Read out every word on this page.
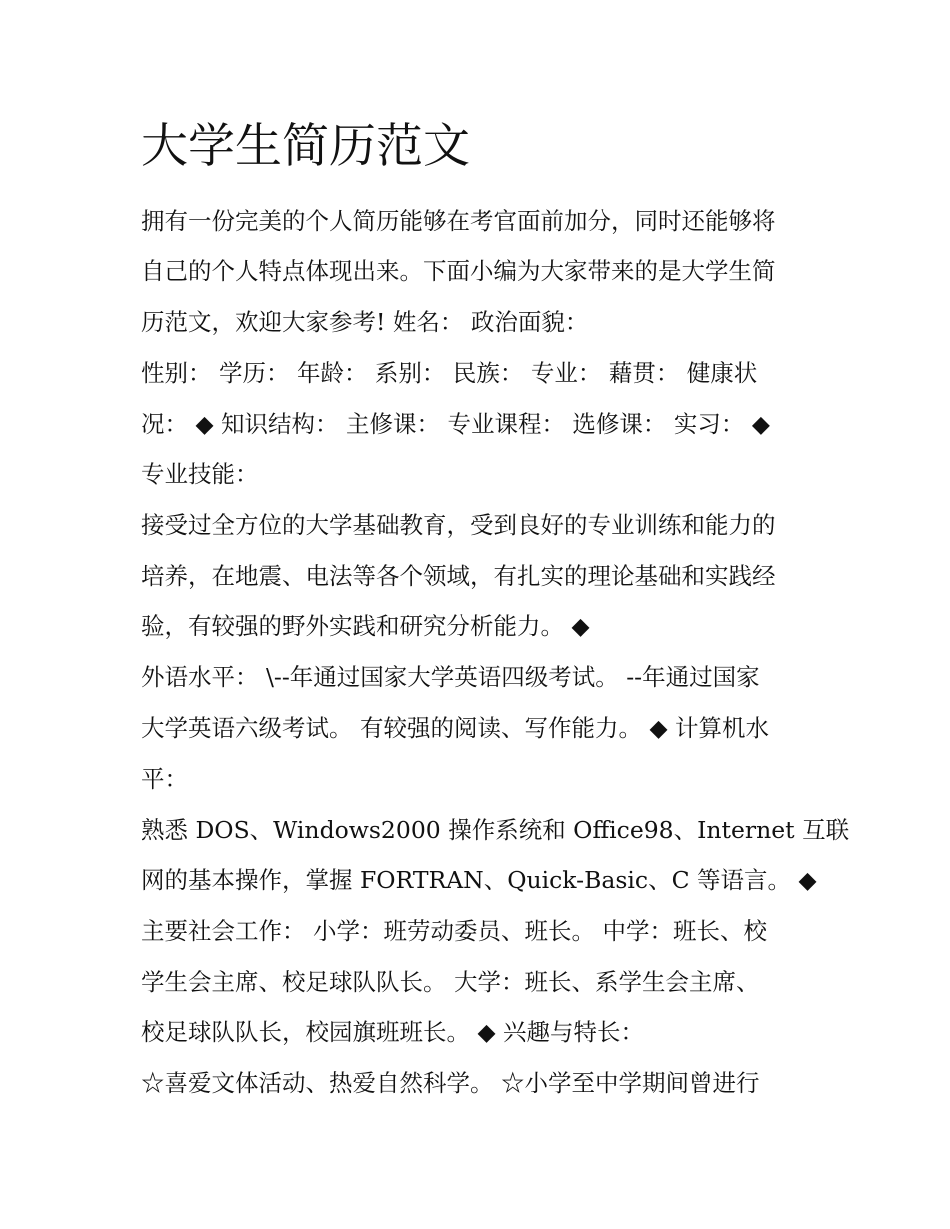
大学生简历范文

拥有一份完美的个人简历能够在考官面前加分，同时还能够将

自己的个人特点体现出来。下面小编为大家带来的是大学生简

历范文，欢迎大家参考! 姓名： 政治面貌：

性别： 学历： 年龄： 系别： 民族： 专业： 藉贯： 健康状

况： ◆ 知识结构： 主修课： 专业课程： 选修课： 实习： ◆

专业技能：

接受过全方位的大学基础教育，受到良好的专业训练和能力的

培养，在地震、电法等各个领域，有扎实的理论基础和实践经

验，有较强的野外实践和研究分析能力。 ◆

外语水平： \--年通过国家大学英语四级考试。 --年通过国家

大学英语六级考试。 有较强的阅读、写作能力。 ◆ 计算机水

平：

熟悉 DOS、Windows2000 操作系统和 Office98、Internet 互联

网的基本操作，掌握 FORTRAN、Quick-Basic、C 等语言。 ◆

主要社会工作： 小学：班劳动委员、班长。 中学：班长、校

学生会主席、校足球队队长。 大学：班长、系学生会主席、

校足球队队长，校园旗班班长。 ◆ 兴趣与特长：

☆喜爱文体活动、热爱自然科学。 ☆小学至中学期间曾进行
